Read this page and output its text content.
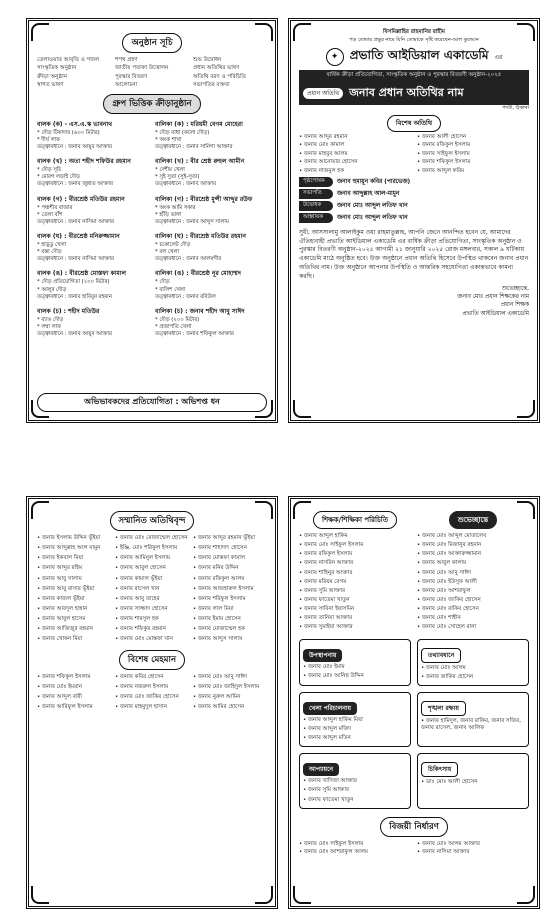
অনুষ্ঠান সূচি
তেলাওয়াত আবৃতি ও গজল	শপথ গ্রহণ	শুভ উদ্বোধন
সাংস্কৃতিক অনুষ্ঠান	জাতীয় পতাকা উত্তোলন	প্রধান অতিথির ভাষণ
ক্রীড়া অনুষ্ঠান	পুরস্কার বিতরণ	অতিথি বরণ ও পরিচিতি
স্বাগত ভাষণ	আলোচনা	সভাপতির বক্তব্য
গ্রুপ ভিত্তিক ক্রীড়ানুষ্ঠান
বালক (ক) - এস.এ.স্ক ভাবনাথ
* দৌড় টিকাদার (৬০০ মিটার)
* দীর্ঘ লাফ
তত্ত্বাবধানে : জনাব আয়ুব আক্তার
বালিকা (ক) : মরিয়মী বেগম মোহেরা
* দৌড় বাধা (কলো দৌড়)
* অংক শাখা
তত্ত্বাবধানে : জনাব সানিগা আক্তার
বালক (খ) : অতা শহীদ শফিউর রহমান
* দৌড় সূচি
* মোরগ লড়াই দৌড়
তত্ত্বাবধানে : জনাব জুন্নাত আক্তার
বালিকা (খ) : বীর শ্রেষ্ঠ রুহুল আমীন
* দেশীয় খেলা
* সুই সুতা (সুই-সুতা)
তত্ত্বাবধানে : জনাব আক্তার
বালক (গ) : বীরশ্রেষ্ঠ মতিউর রহমান
* পঞ্চশীর বাজার
* তেলা বাঁশ
তত্ত্বাবধানে : জনাব নাসিমা আক্তার
বালিকা (গ) : বীরশ্রেষ্ঠ মুন্সী আব্দুর রউফ
* অংক আমি সকার
* হাঁড়ি ভাঙ্গা
তত্ত্বাবধানে : জনাব আব্দুস সালাম
বালক (ঘ) : বীরশ্রেষ্ঠ মনিরুজ্জামান
* হাড়ুডু খেলা
* বস্তা দৌড়
তত্ত্বাবধানে : জনাব নাসিমা আক্তার
বালিকা (ঘ) : বীরশ্রেষ্ঠ মতিউর রহমান
* চকোলেট দৌড়
* বল খেলা
তত্ত্বাবধানে : জনাব আলমগীর
বালক (ঙ) : বীরশ্রেষ্ঠ মোস্তফা কামাল
* দৌড় প্রতিযোগিতা (২০০ মিটার)
* আলুর দৌড়
তত্ত্বাবধানে : জনাব হাবিবুর রহমান
বালিকা (ঙ) : বীরশ্রেষ্ঠ নূর মোহাম্মদ
* দৌড়
* বালিশ খেলা
তত্ত্বাবধানে : জনাব রবিউল
বালক (চ) : শহীদ মতিউর
* ব্যাঙ দৌড়
* লম্বা লাফ
তত্ত্বাবধানে : জনাব আয়ুব আক্তার
বালিকা (চ) : জনাব শহীদ আবু সাঈদ
* দৌড় (২০০ মিটার)
* প্রজাপতি খেলা
তত্ত্বাবধানে : জনাব শফিকুল আক্তার
অভিভাবকদের প্রতিযোগিতা : অভিশপ্ত ধন
বিসমিল্লাহির রাহমানির রাহীম
পড় তোমার প্রভুর নামে যিনি তোমাকে সৃষ্টি করেছেন-আল কুরআন
✦ প্রভাতি আইডিয়াল একাডেমি এর
বার্ষিক ক্রীড়া প্রতিযোগিতা, সাংস্কৃতিক অনুষ্ঠান ও পুরস্কার বিতরণী অনুষ্ঠান-২০২৫
প্রধান অতিথি জনাব প্রধান অতিথির নাম
পদবী, ঠিকানা
বিশেষ অতিথি
• জনাব আব্দুর রহমান	• জনাব আলী হোসেন
• জনাব মোঃ কামাল	• জনাব রফিকুল ইসলাম
• জনাব মাহবুব আলম	• জনাব সাইফুল ইসলাম
• জনাব আনোয়ার হোসেন	• জনাব শফিকুল ইসলাম
• জনাব নাজমুল হক	• জনাব আব্দুল করিম
পৃষ্ঠপোষক	জনাব হুমায়ূন কবির (পারভেজ)
সভাপতি	জনাব আব্দুল্লাহ আল-মামুন
উদ্বোধক	জনাব মোঃ আব্দুল লতিফ খান
আহ্বায়ক	জনাব মোঃ আব্দুল লতিফ খান
সুধী, আসসালামু আলাইকুম ওয়া রাহমাতুল্লাহ, আপনি জেনে আনন্দিত হবেন যে, আমাদের ঐতিহ্যবাহী প্রভাতি আইডিয়াল একাডেমি এর বার্ষিক ক্রীড়া প্রতিযোগিতা, সাংস্কৃতিক অনুষ্ঠান ও পুরস্কার বিতরণী অনুষ্ঠান-২০২৫ আগামী ২১ জানুয়ারি ২০২৫ রোজ মঙ্গলবার, সকাল ৯ ঘটিকায় একাডেমি মাঠে অনুষ্ঠিত হবে। উক্ত অনুষ্ঠানে প্রধান অতিথি হিসেবে উপস্থিত থাকবেন জনাব প্রধান অতিথির নাম। উক্ত অনুষ্ঠানে আপনার উপস্থিতি ও আন্তরিক সহযোগিতা একান্তভাবে কামনা করছি।
শুভেচ্ছান্তে,
জনাব মোঃ প্রধান শিক্ষকের নাম
প্রধান শিক্ষক
প্রভাতি আইডিয়াল একাডেমি
সম্মানিত অতিথিবৃন্দ
• জনাব ইসলাম উদ্দিন ভূঁইয়া	• জনাব মোঃ মোজাম্মেল হোসেন	• জনাব আব্দুর রহমান ভূঁইয়া
• জনাব আব্দুল্লাহ আল মামুন	• ইঞ্জি. মোঃ শরিফুল ইসলাম	• জনাব শাহাদাৎ হোসেন
• জনাব ইকবাল মিয়া	• জনাব আমিনুল ইসলাম	• জনাব মোস্তফা কামাল
• জনাব আব্দুর রহিম	• জনাব আবুল হোসেন	• জনাব মনির উদ্দিন
• জনাব আবু সালাম	• জনাব কামাল ভূঁইয়া	• জনাব রফিকুল আলম
• জনাব আবু বাসার ভূঁইয়া	• জনাব রাসেল খান	• জনাব আজহারুল ইসলাম
• জনাব কাজল ভূঁইয়া	• জনাব আবু তাহের	• জনাব শরিফুল ইসলাম
• জনাব আবদুল হান্নান	• জনাব সাজ্জাদ হোসেন	• জনাব লাল মিয়া
• জনাব আবুল হাসেম	• জনাব শামসুল হক	• জনাব ইমাম হোসেন
• জনাব আজিজুর রহমান	• জনাব শফিকুর রহমান	• জনাব মোজাম্মেল হক
• জনাব খোকন মিয়া	• জনাব মোঃ মোস্তফা খান	• জনাব আব্দুস সালাম
বিশেষ মেহমান
• জনাব শফিকুল ইসলাম	• জনাব কবির হোসেন	• জনাব মোঃ আবু সাঈদ
• জনাব মোঃ ইমরান	• জনাব নজরুল ইসলাম	• জনাব মোঃ জাহিদুল ইসলাম
• জনাব আব্দুল বারী	• জনাব মোঃ জাকির হোসেন	• জনাব নুরুল আমিন
• জনাব আরিফুল ইসলাম	• জনাব মাহমুদুল হাসান	• জনাব আমির হোসেন
শিক্ষক/শিক্ষিকা পরিচিতি
• জনাব আব্দুল হাকিম
• জনাব মোঃ সাইফুল ইসলাম
• জনাব রফিকুল ইসলাম
• জনাব নাসরিন আক্তার
• জনাব শাহিনুর আক্তার
• জনাব মরিয়ম বেগম
• জনাব সুমি আক্তার
• জনাব ফাতেমা খাতুন
• জনাব সাবিনা ইয়াসমিন
• জনাব তানিয়া আক্তার
• জনাব সুমাইয়া আক্তার
শুভেচ্ছান্তে
• জনাব মোঃ আব্দুল মোতালেব
• জনাব মোঃ মিজানুর রহমান
• জনাব মোঃ আক্তারুজ্জামান
• জনাব আবুল কালাম
• জনাব মোঃ আবু সাঈদ
• জনাব মোঃ ইউসুফ আলী
• জনাব মোঃ আশরাফুল
• জনাব মোঃ জাকির হোসেন
• জনাব মোঃ রাকিব হোসেন
• জনাব মোঃ শাহীন
• জনাব মোঃ সোহেল রানা
উপস্থাপনায়
• জনাব মোঃ ইমাম
• জনাব মোঃ আনিছ উদ্দিন
তথ্যাবধানে
• জনাব মোঃ আলম
• জনাব জাকির হোসেন
খেলা পরিচালনায়
• জনাব আব্দুল হাকিম মিয়া
• জনাব আব্দুল মজিদ
• জনাব আব্দুল মতিন
শৃঙ্খলা রক্ষায়
• জনাব হামিদুল, জনাব রাকিব, জনাব সজিব, জনাব রাসেল, জনাব আলিফ
আপ্যায়নে
• জনাব খাদিজা আক্তার
• জনাব সুমি আক্তার
• জনাব ফাতেমা খাতুন
চিকিৎসায়
• ডাঃ মোঃ আলী হোসেন
বিজয়ী নির্ধারণ
• জনাব মোঃ সাইফুল ইসলাম	• জনাব মোঃ আলম আক্তার
• জনাব মোঃ আশরাফুল আলম	• জনাব নাসিমা আক্তার
